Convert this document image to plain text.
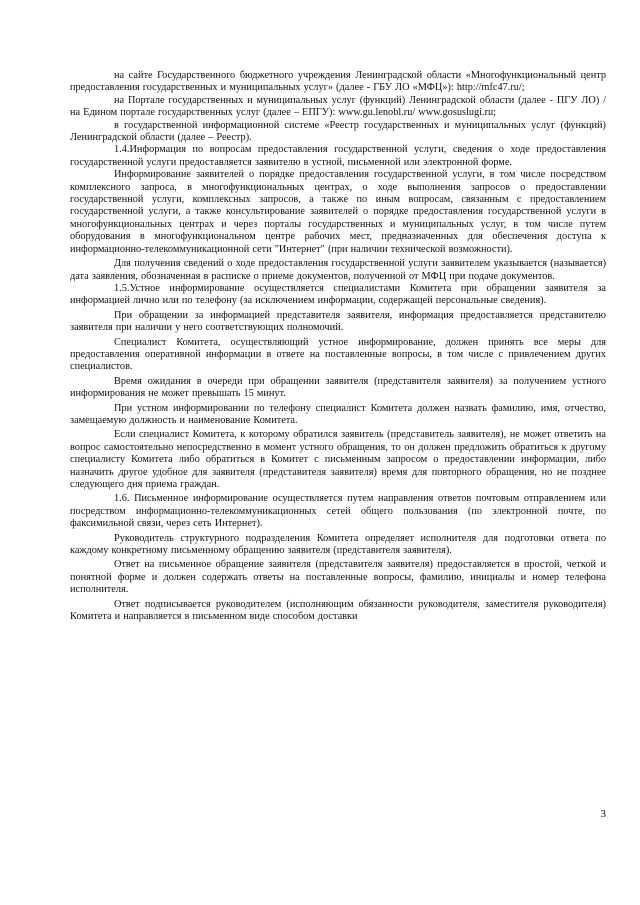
на сайте Государственного бюджетного учреждения Ленинградской области «Многофункциональный центр предоставления государственных и муниципальных услуг» (далее - ГБУ ЛО «МФЦ»): http://mfc47.ru/;

на Портале государственных и муниципальных услуг (функций) Ленинградской области (далее - ПГУ ЛО) / на Едином портале государственных услуг (далее – ЕПГУ): www.gu.lenobl.ru/ www.gosuslugi.ru;

в государственной информационной системе «Реестр государственных и муниципальных услуг (функций) Ленинградской области (далее – Реестр).

1.4.Информация по вопросам предоставления государственной услуги, сведения о ходе предоставления государственной услуги предоставляется заявителю в устной, письменной или электронной форме.

Информирование заявителей о порядке предоставления государственной услуги, в том числе посредством комплексного запроса, в многофункциональных центрах, о ходе выполнения запросов о предоставлении государственной услуги, комплексных запросов, а также по иным вопросам, связанным с предоставлением государственной услуги, а также консультирование заявителей о порядке предоставления государственной услуги в многофункциональных центрах и через порталы государственных и муниципальных услуг, в том числе путем оборудования в многофункциональном центре рабочих мест, предназначенных для обеспечения доступа к информационно-телекоммуникационной сети "Интернет" (при наличии технической возможности).

Для получения сведений о ходе предоставления государственной услуги заявителем указывается (называется) дата заявления, обозначенная в расписке о приеме документов, полученной от МФЦ при подаче документов.

1.5.Устное информирование осуществляется специалистами Комитета при обращении заявителя за информацией лично или по телефону (за исключением информации, содержащей персональные сведения).

При обращении за информацией представителя заявителя, информация предоставляется представителю заявителя при наличии у него соответствующих полномочий.

Специалист Комитета, осуществляющий устное информирование, должен принять все меры для предоставления оперативной информации в ответе на поставленные вопросы, в том числе с привлечением других специалистов.

Время ожидания в очереди при обращении заявителя (представителя заявителя) за получением устного информирования не может превышать 15 минут.

При устном информировании по телефону специалист Комитета должен назвать фамилию, имя, отчество, замещаемую должность и наименование Комитета.

Если специалист Комитета, к которому обратился заявитель (представитель заявителя), не может ответить на вопрос самостоятельно непосредственно в момент устного обращения, то он должен предложить обратиться к другому специалисту Комитета либо обратиться в Комитет с письменным запросом о предоставлении информации, либо назначить другое удобное для заявителя (представителя заявителя) время для повторного обращения, но не позднее следующего дня приема граждан.

1.6. Письменное информирование осуществляется путем направления ответов почтовым отправлением или посредством информационно-телекоммуникационных сетей общего пользования (по электронной почте, по факсимильной связи, через сеть Интернет).

Руководитель структурного подразделения Комитета определяет исполнителя для подготовки ответа по каждому конкретному письменному обращению заявителя (представителя заявителя).

Ответ на письменное обращение заявителя (представителя заявителя) предоставляется в простой, четкой и понятной форме и должен содержать ответы на поставленные вопросы, фамилию, инициалы и номер телефона исполнителя.

Ответ подписывается руководителем (исполняющим обязанности руководителя, заместителя руководителя) Комитета и направляется в письменном виде способом доставки

3
